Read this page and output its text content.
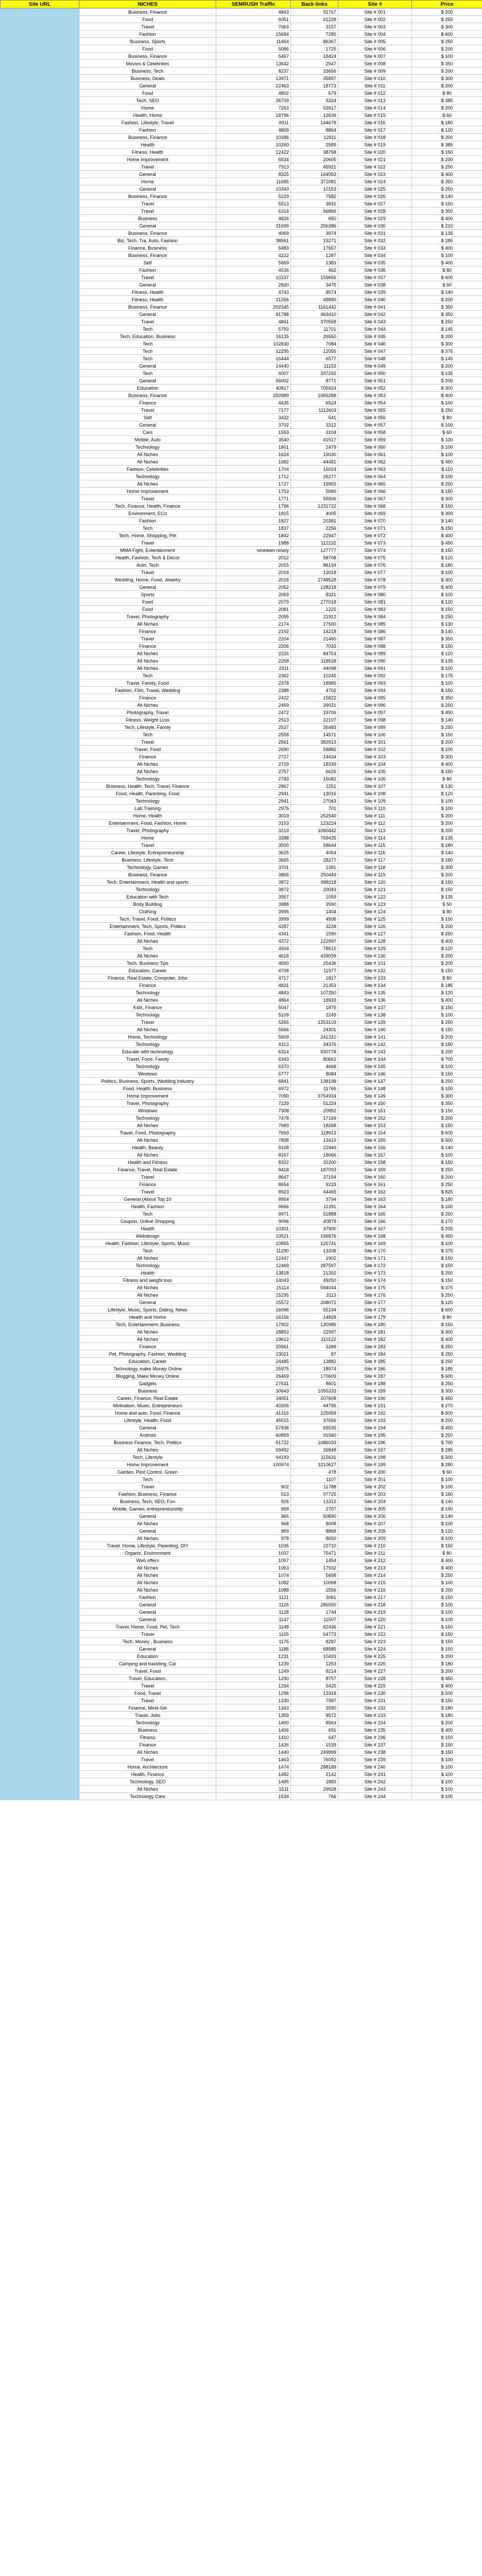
Site URL	NICHES	SEMRUSH Traffic	Back links	Site #	Price
	Business, Finance	4843	91767	Site # 001	$ 200
	Food	6051	41228	Site # 002	$ 255
	Travel	7063	3157	Site # 003	$ 300
	Fashion	15684	7285	Site # 004	$ 600
	Business, Sports	11464	86367	Site # 005	$ 250
	Food	5086	1725	Site # 006	$ 200
	Business, Finance	5467	18424	Site # 007	$ 100
	Movies & Celebrities	13642	2547	Site # 008	$ 350
	Business, Tech	8237	33656	Site # 009	$ 200
	Business, Deals	13971	35897	Site # 010	$ 300
	General	22463	18773	Site # 011	$ 200
	Food	4802	679	Site # 012	$ 80
	Tech, SEO	36709	3324	Site # 013	$ 385
	Home	7263	53917	Site # 014	$ 200
	Health, Home	18796	12636	Site # 015	$ 60
	Fashion, Lifestyle, Travel	9911	144678	Site # 016	$ 180
	Fashion	4809	8864	Site # 017	$ 120
	Business, Finance	10286	12911	Site # 018	$ 200
	Health	10260	2589	Site # 019	$ 385
	Fitness, Health	12422	38758	Site # 020	$ 150
	Home Improvement	6534	20605	Site # 021	$ 200
	Travel	7913	45921	Site # 022	$ 250
	General	8325	164053	Site # 023	$ 400
	Home	11685	372081	Site # 024	$ 350
	General	10343	10163	Site # 025	$ 250
	Business, Finance	5229	7582	Site # 026	$ 140
	Travel	5513	3831	Site # 027	$ 150
	Travel	6314	56866	Site # 028	$ 350
	Business	4826	650	Site # 029	$ 400
	General	31699	256386	Site # 030	$ 210
	Business, Finance	4069	3974	Site # 031	$ 135
	Biz, Tech, Tra, Auto, Fashion	38561	19271	Site # 032	$ 285
	Finance, Business	6483	17657	Site # 033	$ 400
	Business, Finance	4222	1287	Site # 034	$ 100
	Self	5669	1383	Site # 035	$ 400
	Fashion	4536	462	Site # 036	$ 80
	Travel	10237	159655	Site # 037	$ 600
	General	2820	3475	Site # 038	$ 60
	Fitness, Health	4743	9574	Site # 039	$ 140
	Fitness, Health	21256	48890	Site # 040	$ 200
	Business, Finance	202345	1161442	Site # 041	$ 350
	General	81788	463410	Site # 042	$ 350
	Travel	4841	370558	Site # 043	$ 250
	Tech	5793	11701	Site # 044	$ 145
	Tech, Education, Business	16135	26550	Site # 045	$ 200
	Tech	102830	7084	Site # 046	$ 300
	Tech	12295	12055	Site # 047	$ 375
	Tech	15444	6577	Site # 048	$ 145
	General	14440	11153	Site # 049	$ 200
	Tech	6007	337292	Site # 050	$ 135
	General	56002	8771	Site # 051	$ 200
	Education	40817	705924	Site # 052	$ 300
	Business, Finance	250989	1065288	Site # 053	$ 400
	Finance	4435	6524	Site # 054	$ 100
	Travel	7177	1112603	Site # 055	$ 250
	Self	3432	541	Site # 056	$ 80
	General	3702	3312	Site # 057	$ 100
	Cars	1553	3104	Site # 058	$ 60
	Mobile, Auto	3540	41517	Site # 059	$ 100
	Technology	1601	2479	Site # 060	$ 100
	All Niches	1624	19030	Site # 061	$ 100
	All Niches	1682	44481	Site # 062	$ 450
	Fashion, Celebrities	1704	16024	Site # 063	$ 110
	Technology	1712	26277	Site # 064	$ 100
	All Niches	1727	19955	Site # 065	$ 250
	Home Improvement	1753	5060	Site # 066	$ 150
	Travel	1771	55506	Site # 067	$ 300
	Tech, Finance, Health, Finance	1796	1231722	Site # 068	$ 150
	Environment, ECo	1815	4005	Site # 069	$ 300
	Fashion	1827	20381	Site # 070	$ 140
	Tech	1837	2256	Site # 071	$ 150
	Tech, Home, Shopping, Pet	1842	22947	Site # 072	$ 400
	Travel	1988	112232	Site # 073	$ 450
	MMA Fight, Entertainment	nineteen ninety	127777	Site # 074	$ 150
	Health, Fashion, Tech & Décor	2012	58708	Site # 075	$ 120
	Auto, Tech	2015	86194	Site # 076	$ 180
	Travel	2018	13018	Site # 077	$ 100
	Wedding, Home, Food, Jewelry	2018	2748528	Site # 078	$ 300
	General	2052	128218	Site # 079	$ 400
	Sports	2069	8321	Site # 080	$ 100
	Food	2079	277018	Site # 081	$ 120
	Food	2081	1225	Site # 083	$ 150
	Travel, Photography	2095	21912	Site # 084	$ 250
	All Niches	2174	27500	Site # 085	$ 130
	Finance	2192	14218	Site # 086	$ 140
	Travel	2204	21460	Site # 087	$ 350
	Finance	2206	7033	Site # 088	$ 150
	All Niches	2226	84753	Site # 089	$ 120
	All Niches	2258	118528	Site # 090	$ 135
	All Niches	2311	44098	Site # 091	$ 100
	Tech	2362	10245	Site # 092	$ 175
	Travel, Family, Food	2378	18965	Site # 093	$ 100
	Fashion, Film, Travel, Wedding	2388	4702	Site # 094	$ 150
	Finance	2422	15822	Site # 095	$ 350
	All Niches	2459	39021	Site # 096	$ 250
	Photography, Travel	2472	19706	Site # 097	$ 400
	Fitness, Weight Loss	2513	22107	Site # 098	$ 140
	Tech, Lifestyle, Family	2537	35483	Site # 099	$ 250
	Tech	2558	14571	Site # 100	$ 150
	Travel	2561	383913	Site # 101	$ 200
	Travel, Food	2690	58882	Site # 102	$ 100
	Finance	2727	14434	Site # 103	$ 300
	All Niches	2729	18339	Site # 104	$ 400
	All Niches	2757	6625	Site # 105	$ 150
	Technology	2783	16082	Site # 106	$ 80
	Business, Health, Tech, Travel, Finance	2867	2251	Site # 107	$ 130
	Food, Health, Parenting, Food	2941	13016	Site # 108	$ 120
	Technology	2941	27043	Site # 109	$ 100
	Lab Training	2975	701	Site # 110	$ 100
	Home, Health	3019	252540	Site # 111	$ 200
	Entertainment, Food, Fashion, Home	3153	123224	Site # 112	$ 200
	Travel, Photography	3219	1060442	Site # 113	$ 200
	Home	3288	769435	Site # 114	$ 135
	Travel	3500	58644	Site # 115	$ 180
	Career, Lifestyle, Entrepreneurship	3625	4054	Site # 116	$ 140
	Business, Lifestyle, Tech	3665	28277	Site # 117	$ 150
	Technology, Games	3701	1391	Site # 118	$ 300
	Business, Finance	3855	250449	Site # 119	$ 200
	Tech, Entertainment, Health and sports	3872	998118	Site # 120	$ 150
	Technology	3872	20043	Site # 121	$ 150
	Education with Tech	3957	1059	Site # 122	$ 135
	Body Building	3988	3590	Site # 123	$ 50
	Clothing	3995	1404	Site # 124	$ 80
	Tech, Travel, Food, Politics	3999	4506	Site # 125	$ 150
	Entertainment, Tech, Sports, Politics	4287	3228	Site # 126	$ 200
	Fashion, Food, Health	4341	1590	Site # 127	$ 250
	All Niches	4372	122997	Site # 128	$ 400
	Tech	4504	78615	Site # 129	$ 120
	All Niches	4618	439039	Site # 130	$ 200
	Tech, Business Tips	4650	25436	Site # 131	$ 200
	Education, Career	4708	11977	Site # 132	$ 150
	Finance, Real Estate, Computer, Jobs	4717	1817	Site # 133	$ 80
	Finance	4831	21353	Site # 134	$ 185
	Technology	4843	107250	Site # 135	$ 120
	All Niches	4864	18933	Site # 136	$ 400
	Kids, Finance	5047	1875	Site # 137	$ 150
	Technology	5109	2249	Site # 138	$ 100
	Travel	5265	1253103	Site # 139	$ 250
	All Niches	5566	24301	Site # 140	$ 150
	Home, Technology	5609	241310	Site # 141	$ 200
	Technology	6113	34376	Site # 142	$ 150
	Educate with technology	6314	930778	Site # 143	$ 200
	Travel, Food, Family	6343	80662	Site # 144	$ 700
	Technology	6370	4668	Site # 145	$ 100
	Windows	6777	8084	Site # 146	$ 150
	Politics, Business, Sports, Wedding Industry	6841	138198	Site # 147	$ 250
	Food, Health, Business	6972	11766	Site # 148	$ 100
	Home Improvement	7090	3754934	Site # 149	$ 300
	Travel, Photography	7229	51224	Site # 150	$ 350
	Windows	7308	20952	Site # 151	$ 150
	Technology	7478	17169	Site # 152	$ 200
	All Niches	7689	18268	Site # 153	$ 150
	Travel, Food, Photography	7693	118913	Site # 154	$ 600
	All Niches	7898	13415	Site # 155	$ 500
	Health, Beauty	8108	22949	Site # 156	$ 140
	All Niches	8167	18066	Site # 157	$ 100
	Health and Fitness	8322	32200	Site # 158	$ 150
	Finance, Travel, Real Estate	8418	187093	Site # 159	$ 250
	Travel	8647	37154	Site # 160	$ 200
	Finance	8654	9233	Site # 161	$ 250
	Travel	8923	44465	Site # 162	$ 825
	General (About Top 10	8954	3794	Site # 163	$ 180
	Health, Fashion	9666	11391	Site # 164	$ 100
	Tech	9971	51888	Site # 165	$ 250
	Coupon, Online Shopping	9096	40879	Site # 166	$ 170
	Health	10301	37900	Site # 167	$ 205
	Webdesign	10521	196876	Site # 168	$ 450
	Health, Fashion, Lifestyle, Sports, Music	10855	125741	Site # 169	$ 100
	Tech	11290	13208	Site # 170	$ 375
	All Niches	12447	1902	Site # 171	$ 150
	Technology	12469	287597	Site # 172	$ 150
	Health	13818	21392	Site # 173	$ 250
	Fitness and weight loss	14043	49250	Site # 174	$ 150
	All Niches	15114	594044	Site # 175	$ 375
	All Niches	15295	3113	Site # 176	$ 250
	General	15572	208072	Site # 177	$ 120
	Lifestyle, Music, Sports, Dating, News	16096	55194	Site # 178	$ 600
	Health and Home	16156	14828	Site # 179	$ 80
	Tech, Entertainment, Business	17902	130985	Site # 180	$ 150
	All Niches	18853	22997	Site # 181	$ 300
	All Niches	19612	110122	Site # 182	$ 400
	Finance	20561	3289	Site # 183	$ 250
	Pet, Photography, Fashion, Wedding	23021	87	Site # 184	$ 250
	Education, Career	24485	13882	Site # 185	$ 250
	Technology, make Money Online	25975	18974	Site # 186	$ 185
	Blogging, Make Money Online	26469	170609	Site # 187	$ 600
	Gadgets	27631	8601	Site # 188	$ 250
	Business	30643	1055333	Site # 189	$ 300
	Career, Finance, Real Estate	34051	207608	Site # 190	$ 450
	Motivation, Music, Entrepreneurs	40205	44795	Site # 191	$ 270
	Home and auto, Food, Finance	41316	225058	Site # 192	$ 500
	Lifestyle, Health, Food	45515	37656	Site # 193	$ 200
	General	57938	65535	Site # 194	$ 450
	Android	60859	91560	Site # 195	$ 250
	Business Finance, Tech, Politics	61722	1086033	Site # 196	$ 700
	All Niches	69492	26848	Site # 197	$ 285
	Tech, Lifestyle	94193	115631	Site # 198	$ 500
	Home Improvement	100974	3210627	Site # 199	$ 280
	Garden, Pest Control, Green		478	Site # 200	$ 60
	Tech		1107	Site # 201	$ 100
	Travel	902	11788	Site # 202	$ 100
	Fashion, Business, Finance	913	97725	Site # 203	$ 160
	Business, Tech, SEO, Fun	926	13315	Site # 204	$ 140
	Mobile, Games, entrepreneurship	958	2707	Site # 205	$ 190
	General	965	50890	Site # 206	$ 140
	All Niches	968	8008	Site # 207	$ 100
	General	969	8868	Site # 208	$ 120
	All Niches	978	8650	Site # 209	$ 100
	Travel, Home, Lifestyle, Parenting, DIY	1036	22710	Site # 210	$ 150
	Organic, Environment	1037	75471	Site # 211	$ 80
	Web offers	1057	1454	Site # 212	$ 400
	All Niches	1063	17932	Site # 213	$ 400
	All Niches	1074	5658	Site # 214	$ 250
	All Niches	1082	10068	Site # 215	$ 100
	All Niches	1088	2556	Site # 216	$ 250
	Fashion	1121	3061	Site # 217	$ 150
	General	1126	286550	Site # 218	$ 100
	General	1128	1744	Site # 219	$ 100
	General	1147	11507	Site # 220	$ 100
	Travel, Home, Food, Pet, Tech	1148	82436	Site # 221	$ 150
	Travel	1155	64773	Site # 222	$ 150
	Tech, Money , Business	1175	8287	Site # 223	$ 150
	General	1186	68585	Site # 224	$ 150
	Education	1231	10433	Site # 225	$ 200
	Camping and traveling, Car	1239	1253	Site # 226	$ 180
	Travel, Food	1249	8214	Site # 227	$ 200
	Travel, Education,	1290	8757	Site # 228	$ 450
	Travel	1294	5425	Site # 229	$ 400
	Food, Travel	1296	13318	Site # 230	$ 500
	Travel	1330	7987	Site # 231	$ 150
	Finance, Mind-Set	1343	3590	Site # 232	$ 180
	Travel, Jobs	1359	8572	Site # 233	$ 180
	Technology	1400	8563	Site # 234	$ 200
	Business	1406	691	Site # 235	$ 400
	Fitness	1410	647	Site # 236	$ 150
	Finance	1426	1539	Site # 237	$ 150
	All Niches	1440	249999	Site # 238	$ 150
	Travel	1463	76092	Site # 239	$ 100
	Home, Architecture	1474	288189	Site # 240	$ 100
	Health, Finance	1482	2142	Site # 241	$ 100
	Technology, SEO	1485	1883	Site # 242	$ 100
	All Niches	1511	29928	Site # 243	$ 100
	Technology Care	1534	766	Site # 244	$ 100
